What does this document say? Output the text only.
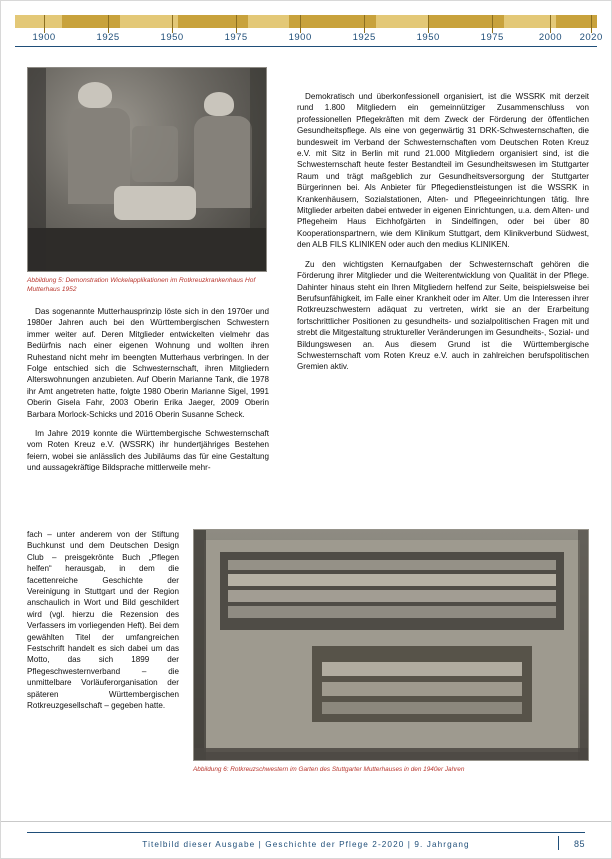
1900	1925	1950	1975	1900	1925	1950	1975	2000 2020
Abbildung 5: Demonstration Wickelapplikationen im Rotkreuzkrankenhaus Hof Mutterhaus 1952

Das sogenannte Mutterhausprinzip löste sich in den 1970er und 1980er Jahren auch bei den Württembergischen Schwestern immer weiter auf. Deren Mitglieder entwickelten vielmehr das Bedürfnis nach einer eigenen Wohnung und wollten ihren Ruhestand nicht mehr im beengten Mutterhaus verbringen. In der Folge entschied sich die Schwesternschaft, ihren Mitgliedern Alterswohnungen anzubieten. Auf Oberin Marianne Tank, die 1978 ihr Amt angetreten hatte, folgte 1980 Oberin Marianne Sigel, 1991 Oberin Gisela Fahr, 2003 Oberin Erika Jaeger, 2009 Oberin Barbara Morlock-Schicks und 2016 Oberin Susanne Scheck.

Im Jahre 2019 konnte die Württembergische Schwesternschaft vom Roten Kreuz e.V. (WSSRK) ihr hundertjähriges Bestehen feiern, wobei sie anlässlich des Jubiläums das für eine Gestaltung und aussagekräftige Bildsprache mittlerweile mehr-

fach – unter anderem von der Stiftung Buchkunst und dem Deutschen Design Club – preisgekrönte Buch „Pflegen helfen“ herausgab, in dem die facettenreiche Geschichte der Vereinigung in Stuttgart und der Region anschaulich in Wort und Bild geschildert wird (vgl. hierzu die Rezension des Verfassers im vorliegenden Heft). Bei dem gewählten Titel der umfangreichen Festschrift handelt es sich dabei um das Motto, das sich 1899 der Pflegeschwesternverband – die unmittelbare Vorläuferorganisation der späteren Württembergischen Rotkreuzgesellschaft – gegeben hatte.

Demokratisch und überkonfessionell organisiert, ist die WSSRK mit derzeit rund 1.800 Mitgliedern ein gemeinnütziger Zusammenschluss von professionellen Pflegekräften mit dem Zweck der Förderung der öffentlichen Gesundheitspflege. Als eine von gegenwärtig 31 DRK-Schwesternschaften, die bundesweit im Verband der Schwesternschaften vom Deutschen Roten Kreuz e.V. mit Sitz in Berlin mit rund 21.000 Mitgliedern organisiert sind, ist die Schwesternschaft heute fester Bestandteil im Gesundheitswesen im Stuttgarter Raum und trägt maßgeblich zur Gesundheitsversorgung der Stuttgarter Bürgerinnen bei. Als Anbieter für Pflegedienstleistungen ist die WSSRK in Krankenhäusern, Sozialstationen, Alten- und Pflegeeinrichtungen tätig. Ihre Mitglieder arbeiten dabei entweder in eigenen Einrichtungen, u.a. dem Alten- und Pflegeheim Haus Eichhofgärten in Sindelfingen, oder bei über 80 Kooperationspartnern, wie dem Klinikum Stuttgart, dem Klinikverbund Südwest, den ALB FILS KLINIKEN oder auch den medius KLINIKEN.

Zu den wichtigsten Kernaufgaben der Schwesternschaft gehören die Förderung ihrer Mitglieder und die Weiterentwicklung von Qualität in der Pflege. Dahinter hinaus steht ein Ihren Mitgliedern helfend zur Seite, beispielsweise bei Berufsunfähigkeit, im Falle einer Krankheit oder im Alter. Um die Interessen ihrer Rotkreuzschwestern adäquat zu vertreten, wirkt sie an der Erarbeitung fortschrittlicher Positionen zu gesundheits- und sozialpolitischen Fragen mit und strebt die Mitgestaltung struktureller Veränderungen im Gesundheits-, Sozial- und Bildungswesen an. Aus diesem Grund ist die Württembergische Schwesternschaft vom Roten Kreuz e.V. auch in zahlreichen berufspolitischen Gremien aktiv.

Abbildung 6: Rotkreuzschwestern im Garten des Stuttgarter Mutterhauses in den 1940er Jahren
Titelbild dieser Ausgabe | Geschichte der Pflege 2-2020 | 9. Jahrgang	85
